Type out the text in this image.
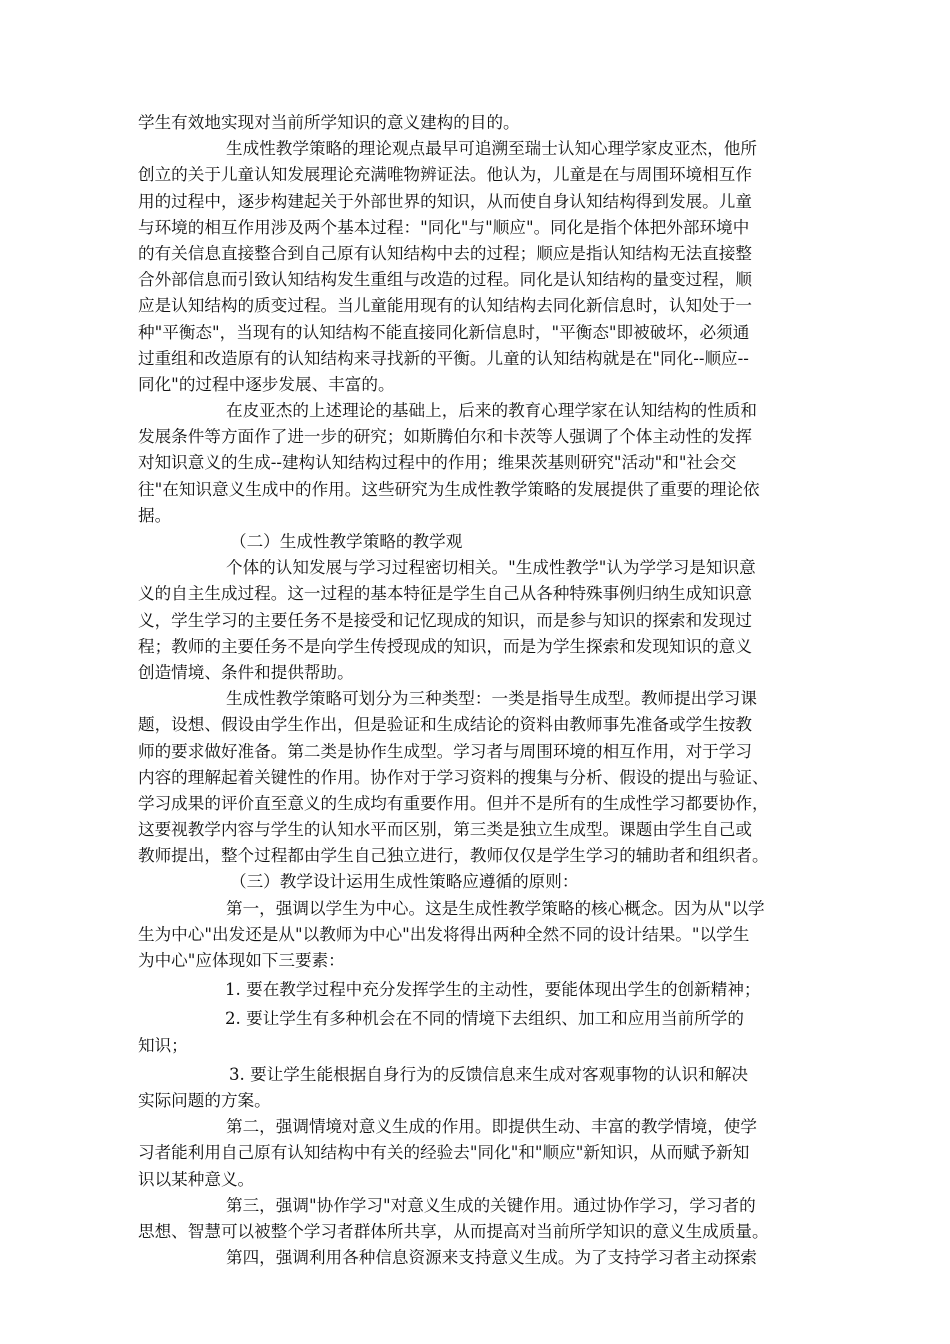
学生有效地实现对当前所学知识的意义建构的目的。
生成性教学策略的理论观点最早可追溯至瑞士认知心理学家皮亚杰，他所
创立的关于儿童认知发展理论充满唯物辨证法。他认为，儿童是在与周围环境相互作
用的过程中，逐步构建起关于外部世界的知识，从而使自身认知结构得到发展。儿童
与环境的相互作用涉及两个基本过程："同化"与"顺应"。同化是指个体把外部环境中
的有关信息直接整合到自己原有认知结构中去的过程；顺应是指认知结构无法直接整
合外部信息而引致认知结构发生重组与改造的过程。同化是认知结构的量变过程，顺
应是认知结构的质变过程。当儿童能用现有的认知结构去同化新信息时，认知处于一
种"平衡态"，当现有的认知结构不能直接同化新信息时，"平衡态"即被破坏，必须通
过重组和改造原有的认知结构来寻找新的平衡。儿童的认知结构就是在"同化--顺应--
同化"的过程中逐步发展、丰富的。
在皮亚杰的上述理论的基础上，后来的教育心理学家在认知结构的性质和
发展条件等方面作了进一步的研究；如斯腾伯尔和卡茨等人强调了个体主动性的发挥
对知识意义的生成--建构认知结构过程中的作用；维果茨基则研究"活动"和"社会交
往"在知识意义生成中的作用。这些研究为生成性教学策略的发展提供了重要的理论依
据。
（二）生成性教学策略的教学观
个体的认知发展与学习过程密切相关。"生成性教学"认为学学习是知识意
义的自主生成过程。这一过程的基本特征是学生自己从各种特殊事例归纳生成知识意
义，学生学习的主要任务不是接受和记忆现成的知识，而是参与知识的探索和发现过
程；教师的主要任务不是向学生传授现成的知识，而是为学生探索和发现知识的意义
创造情境、条件和提供帮助。
生成性教学策略可划分为三种类型：一类是指导生成型。教师提出学习课
题，设想、假设由学生作出，但是验证和生成结论的资料由教师事先准备或学生按教
师的要求做好准备。第二类是协作生成型。学习者与周围环境的相互作用，对于学习
内容的理解起着关键性的作用。协作对于学习资料的搜集与分析、假设的提出与验证、
学习成果的评价直至意义的生成均有重要作用。但并不是所有的生成性学习都要协作，
这要视教学内容与学生的认知水平而区别，第三类是独立生成型。课题由学生自己或
教师提出，整个过程都由学生自己独立进行，教师仅仅是学生学习的辅助者和组织者。
（三）教学设计运用生成性策略应遵循的原则：
第一，强调以学生为中心。这是生成性教学策略的核心概念。因为从"以学
生为中心"出发还是从"以教师为中心"出发将得出两种全然不同的设计结果。"以学生
为中心"应体现如下三要素：
1. 要在教学过程中充分发挥学生的主动性，要能体现出学生的创新精神；
2. 要让学生有多种机会在不同的情境下去组织、加工和应用当前所学的
知识；
3. 要让学生能根据自身行为的反馈信息来生成对客观事物的认识和解决
实际问题的方案。
第二，强调情境对意义生成的作用。即提供生动、丰富的教学情境，使学
习者能利用自己原有认知结构中有关的经验去"同化"和"顺应"新知识，从而赋予新知
识以某种意义。
第三，强调"协作学习"对意义生成的关键作用。通过协作学习，学习者的
思想、智慧可以被整个学习者群体所共享，从而提高对当前所学知识的意义生成质量。
第四，强调利用各种信息资源来支持意义生成。为了支持学习者主动探索
